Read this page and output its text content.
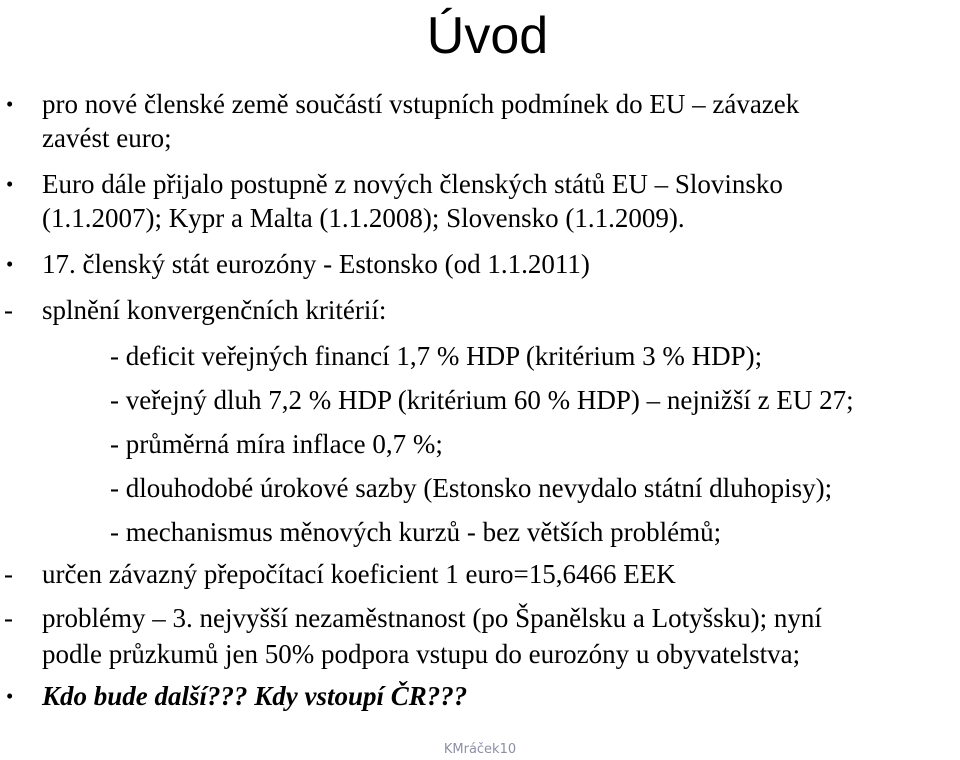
Úvod
•	pro nové členské země součástí vstupních podmínek do EU – závazek
zavést euro;
•	Euro dále přijalo postupně z nových členských států EU – Slovinsko
(1.1.2007); Kypr a Malta (1.1.2008); Slovensko (1.1.2009).
•	17. členský stát eurozóny - Estonsko (od 1.1.2011)
-	splnění konvergenčních kritérií:
- deficit veřejných financí 1,7 % HDP (kritérium 3 % HDP);
- veřejný dluh 7,2 % HDP (kritérium 60 % HDP) – nejnižší z EU 27;
- průměrná míra inflace 0,7 %;
- dlouhodobé úrokové sazby (Estonsko nevydalo státní dluhopisy);
- mechanismus měnových kurzů - bez větších problémů;
-	určen závazný přepočítací koeficient 1 euro=15,6466 EEK
-	problémy – 3. nejvyšší nezaměstnanost (po Španělsku a Lotyšsku); nyní
podle průzkumů jen 50% podpora vstupu do eurozóny u obyvatelstva;
•	Kdo bude další??? Kdy vstoupí ČR???
KMráček10
